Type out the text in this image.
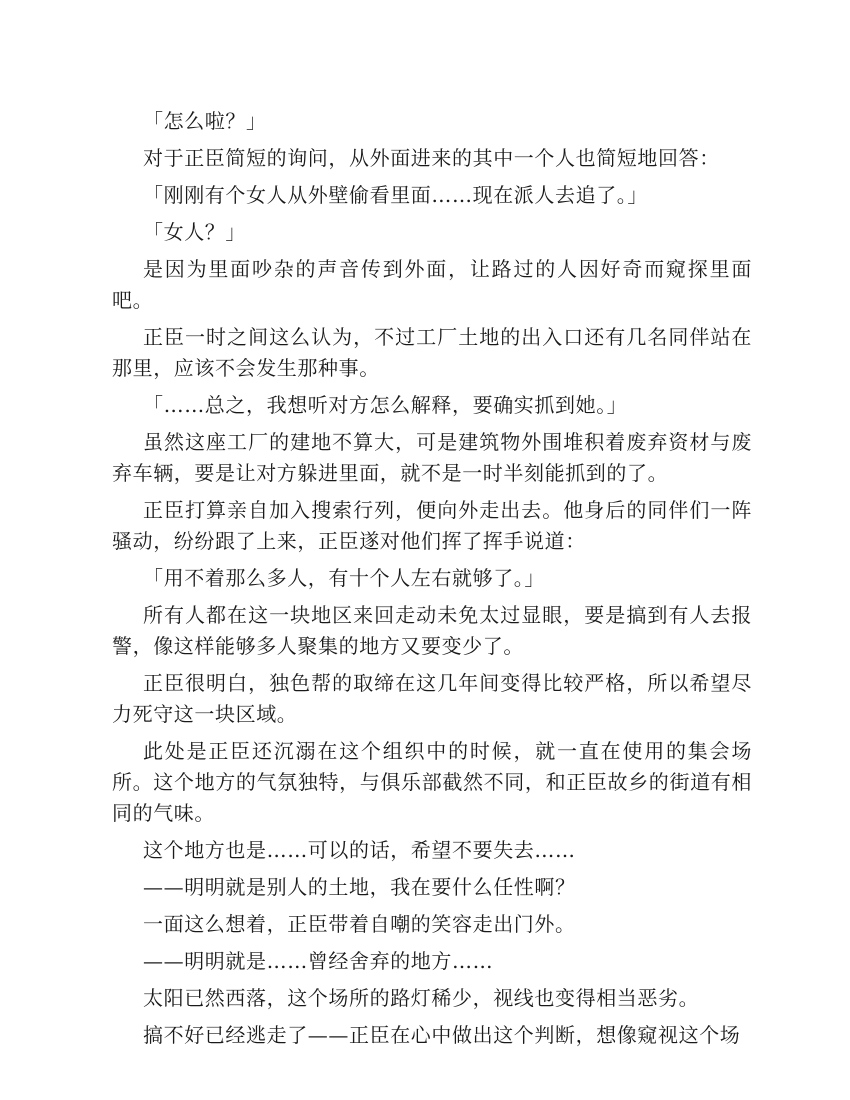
「怎么啦？」

对于正臣简短的询问，从外面进来的其中一个人也简短地回答：

「刚刚有个女人从外壁偷看里面……现在派人去追了。」

「女人？」

是因为里面吵杂的声音传到外面，让路过的人因好奇而窥探里面吧。

正臣一时之间这么认为，不过工厂土地的出入口还有几名同伴站在那里，应该不会发生那种事。

「……总之，我想听对方怎么解释，要确实抓到她。」

虽然这座工厂的建地不算大，可是建筑物外围堆积着废弃资材与废弃车辆，要是让对方躲进里面，就不是一时半刻能抓到的了。

正臣打算亲自加入搜索行列，便向外走出去。他身后的同伴们一阵骚动，纷纷跟了上来，正臣遂对他们挥了挥手说道：

「用不着那么多人，有十个人左右就够了。」

所有人都在这一块地区来回走动未免太过显眼，要是搞到有人去报警，像这样能够多人聚集的地方又要变少了。

正臣很明白，独色帮的取缔在这几年间变得比较严格，所以希望尽力死守这一块区域。

此处是正臣还沉溺在这个组织中的时候，就一直在使用的集会场所。这个地方的气氛独特，与俱乐部截然不同，和正臣故乡的街道有相同的气味。

这个地方也是……可以的话，希望不要失去……

——明明就是别人的土地，我在要什么任性啊？

一面这么想着，正臣带着自嘲的笑容走出门外。

——明明就是……曾经舍弃的地方……

太阳已然西落，这个场所的路灯稀少，视线也变得相当恶劣。

搞不好已经逃走了——正臣在心中做出这个判断，想像窥视这个场
